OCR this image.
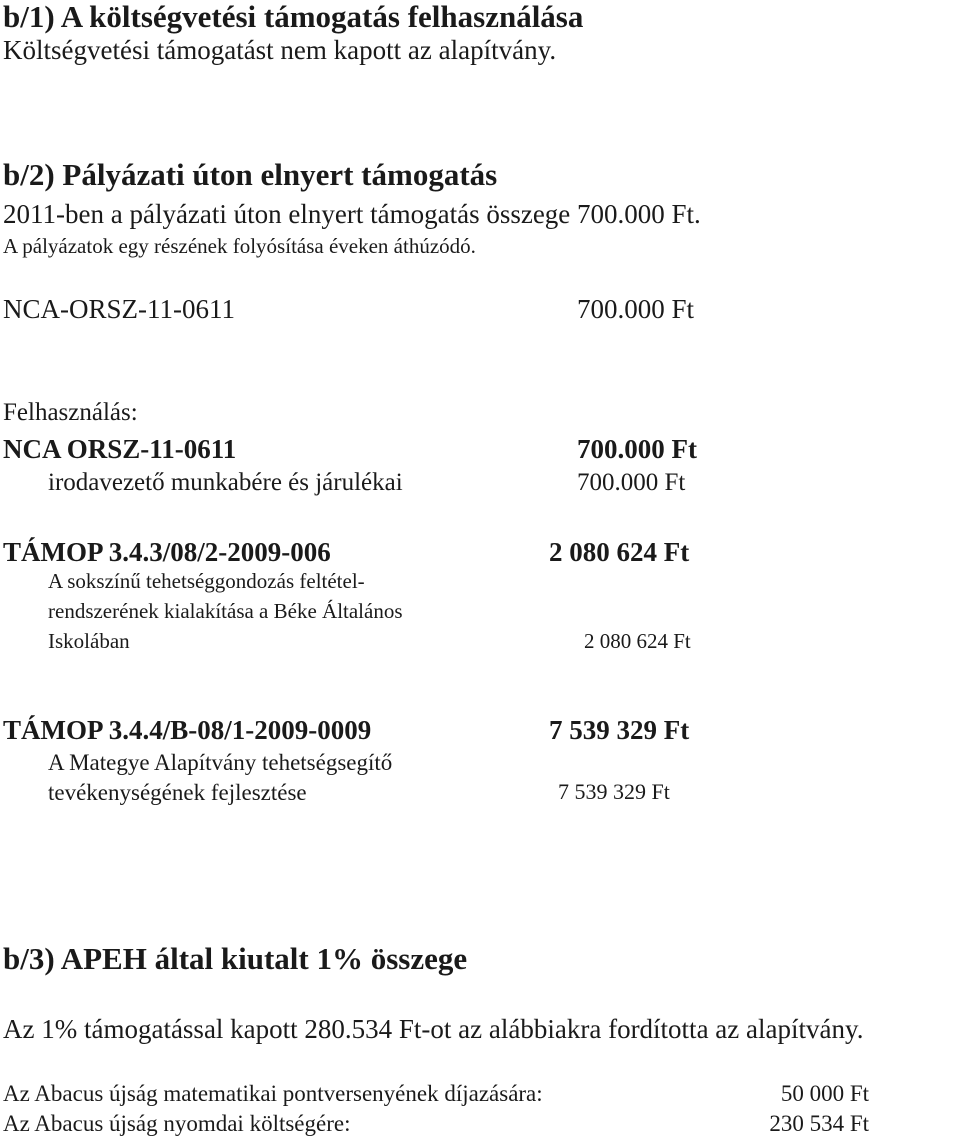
b/1) A költségvetési támogatás felhasználása
Költségvetési támogatást nem kapott az alapítvány.
b/2) Pályázati úton elnyert támogatás
2011-ben a pályázati úton elnyert támogatás összege 700.000 Ft.
A pályázatok egy részének folyósítása éveken áthúzódó.
NCA-ORSZ-11-0611	700.000 Ft
Felhasználás:
NCA ORSZ-11-0611	700.000 Ft
irodavezető munkabére és járulékai	700.000 Ft
TÁMOP 3.4.3/08/2-2009-006	2 080 624 Ft
A sokszínű tehetséggondozás feltétel-
rendszerének kialakítása a Béke Általános
Iskolában	2 080 624 Ft
TÁMOP 3.4.4/B-08/1-2009-0009	7 539 329 Ft
A Mategye Alapítvány tehetségsegítő
tevékenységének fejlesztése	7 539 329 Ft
b/3) APEH által kiutalt 1% összege
Az 1% támogatással kapott 280.534 Ft-ot az alábbiakra fordította az alapítvány.
Az Abacus újság matematikai pontversenyének díjazására:	50 000 Ft
Az Abacus újság nyomdai költségére:	230 534 Ft
